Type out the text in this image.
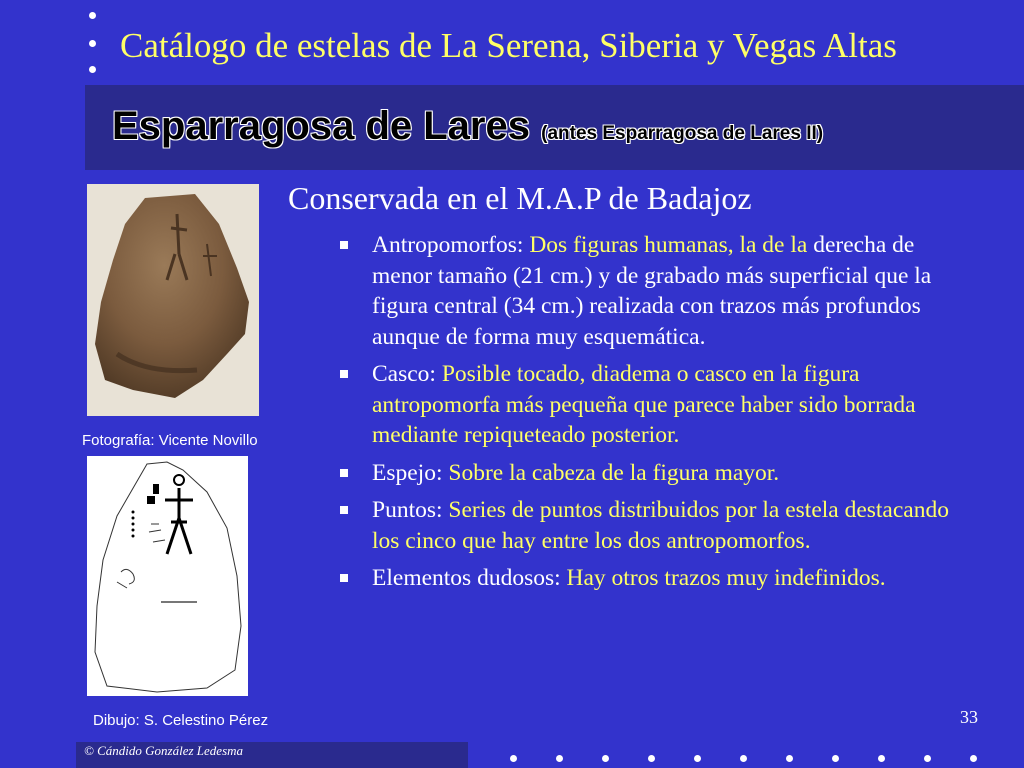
Catálogo de estelas de La Serena, Siberia y Vegas Altas
Esparragosa de Lares (antes Esparragosa de Lares II)
Fotografía: Vicente Novillo
Dibujo: S. Celestino Pérez
Conservada en el M.A.P de Badajoz
Antropomorfos: Dos figuras humanas, la de la derecha de menor tamaño (21 cm.) y de grabado más superficial que la figura central (34 cm.) realizada con trazos más profundos aunque de forma muy esquemática.
Casco: Posible tocado, diadema o casco en la figura antropomorfa más pequeña que parece haber sido borrada mediante repiqueteado posterior.
Espejo: Sobre la cabeza de la figura mayor.
Puntos: Series de puntos distribuidos por la estela destacando los cinco que hay entre los dos antropomorfos.
Elementos dudosos: Hay otros trazos muy indefinidos.
33
© Cándido González Ledesma
